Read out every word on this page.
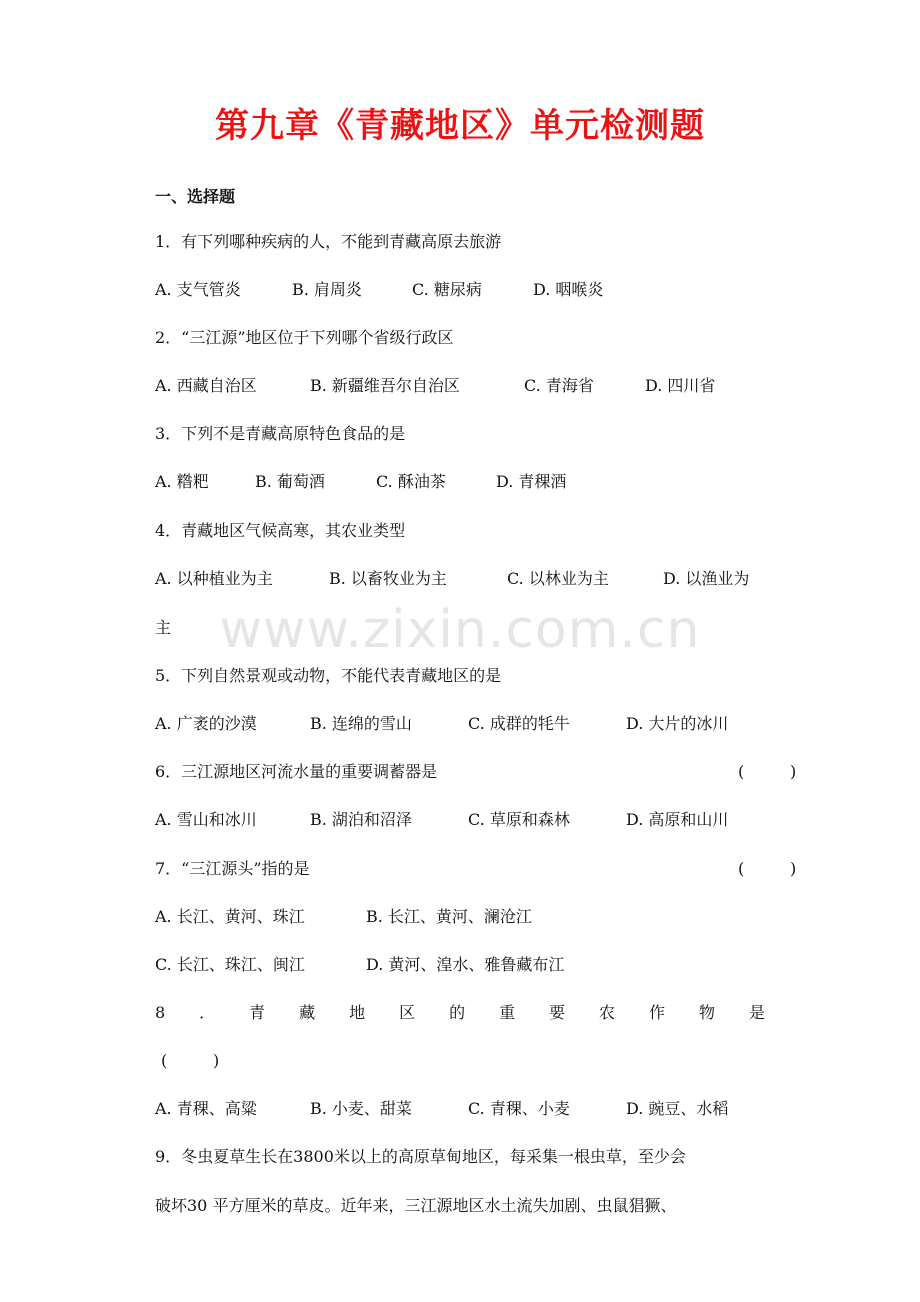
第九章《青藏地区》单元检测题
一、选择题
1．有下列哪种疾病的人，不能到青藏高原去旅游
A. 支气管炎	B. 肩周炎	C. 糖尿病	D. 咽喉炎
2．“三江源”地区位于下列哪个省级行政区
A. 西藏自治区	B. 新疆维吾尔自治区	C. 青海省	D. 四川省
3．下列不是青藏高原特色食品的是
A. 糌粑	B. 葡萄酒	C. 酥油茶	D. 青稞酒
4．青藏地区气候高寒，其农业类型
A. 以种植业为主	B. 以畜牧业为主	C. 以林业为主	D. 以渔业为
主
5．下列自然景观或动物，不能代表青藏地区的是
A. 广袤的沙漠	B. 连绵的雪山	C. 成群的牦牛	D. 大片的冰川
6．三江源地区河流水量的重要调蓄器是	(         )
A. 雪山和冰川	B. 湖泊和沼泽	C. 草原和森林	D. 高原和山川
7．“三江源头”指的是	(         )
A. 长江、黄河、珠江	B. 长江、黄河、澜沧江
C. 长江、珠江、闽江	D. 黄河、湟水、雅鲁藏布江
8 ． 青 藏 地 区 的 重 要 农 作 物 是
(         )
A. 青稞、高粱	B. 小麦、甜菜	C. 青稞、小麦	D. 豌豆、水稻
9．冬虫夏草生长在3800米以上的高原草甸地区，每采集一根虫草，至少会
破坏30 平方厘米的草皮。近年来，三江源地区水土流失加剧、虫鼠猖獗、
www.zixin.com.cn
